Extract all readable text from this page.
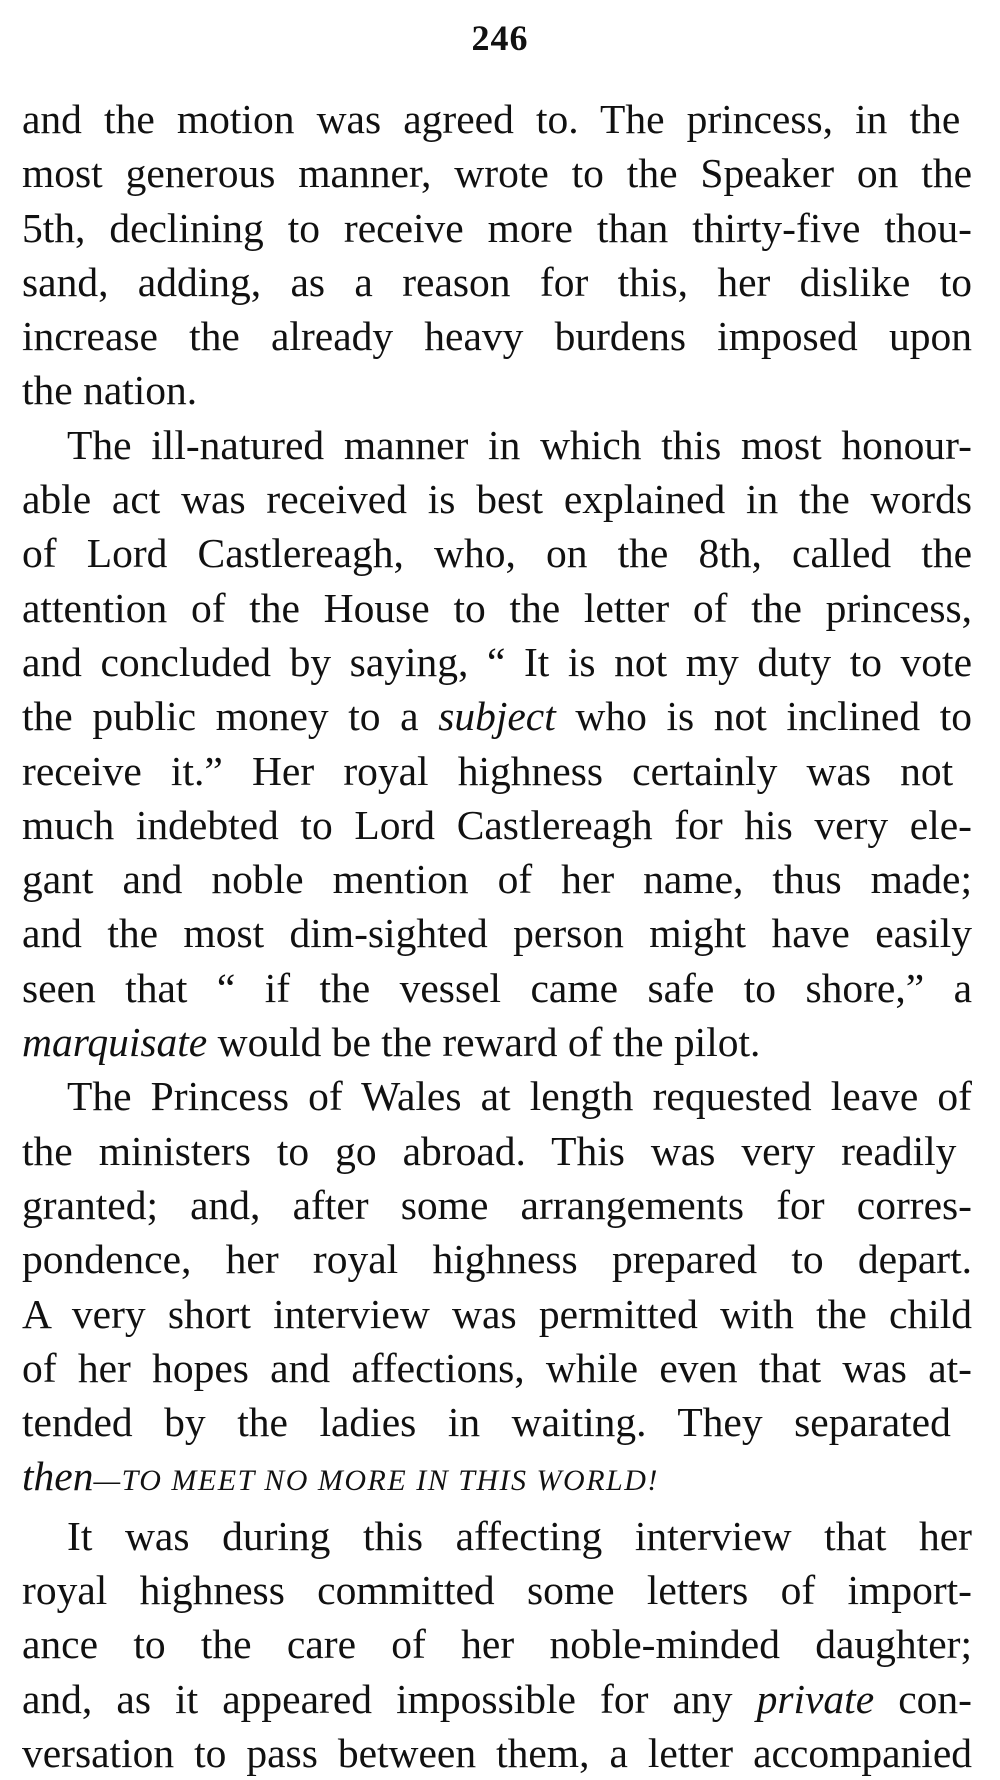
246
and the motion was agreed to. The princess, in the
most generous manner, wrote to the Speaker on the
5th, declining to receive more than thirty-five thou-
sand, adding, as a reason for this, her dislike to
increase the already heavy burdens imposed upon
the nation.
The ill-natured manner in which this most honour-
able act was received is best explained in the words
of Lord Castlereagh, who, on the 8th, called the
attention of the House to the letter of the princess,
and concluded by saying, “ It is not my duty to vote
the public money to a subject who is not inclined to
receive it.” Her royal highness certainly was not
much indebted to Lord Castlereagh for his very ele-
gant and noble mention of her name, thus made;
and the most dim-sighted person might have easily
seen that “ if the vessel came safe to shore,” a
marquisate would be the reward of the pilot.
The Princess of Wales at length requested leave of
the ministers to go abroad. This was very readily
granted; and, after some arrangements for corres-
pondence, her royal highness prepared to depart.
A very short interview was permitted with the child
of her hopes and affections, while even that was at-
tended by the ladies in waiting. They separated
then—TO MEET NO MORE IN THIS WORLD!
It was during this affecting interview that her
royal highness committed some letters of import-
ance to the care of her noble-minded daughter;
and, as it appeared impossible for any private con-
versation to pass between them, a letter accompanied
